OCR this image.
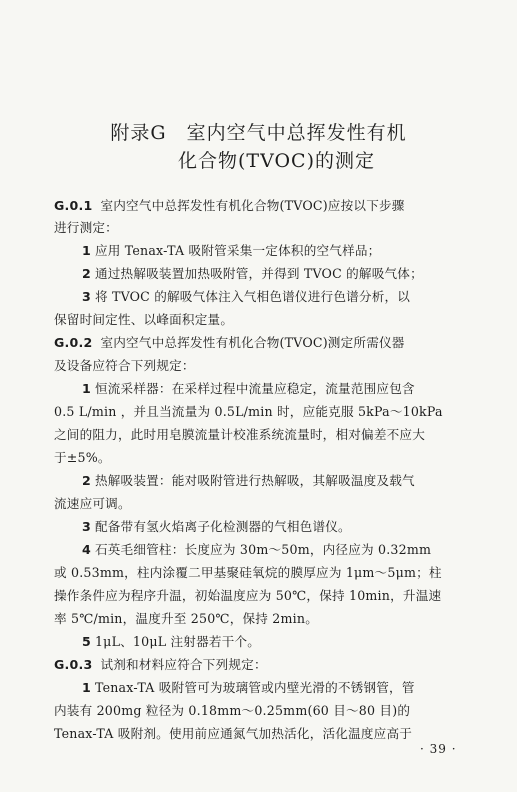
附录G　室内空气中总挥发性有机
化合物(TVOC)的测定
G.0.1 室内空气中总挥发性有机化合物(TVOC)应按以下步骤
进行测定：
1 应用 Tenax-TA 吸附管采集一定体积的空气样品；
2 通过热解吸装置加热吸附管，并得到 TVOC 的解吸气体；
3 将 TVOC 的解吸气体注入气相色谱仪进行色谱分析，以
保留时间定性、以峰面积定量。
G.0.2 室内空气中总挥发性有机化合物(TVOC)测定所需仪器
及设备应符合下列规定：
1 恒流采样器：在采样过程中流量应稳定，流量范围应包含
0.5 L/min ，并且当流量为 0.5L/min 时，应能克服 5kPa～10kPa
之间的阻力，此时用皂膜流量计校准系统流量时，相对偏差不应大
于±5%。
2 热解吸装置：能对吸附管进行热解吸，其解吸温度及载气
流速应可调。
3 配备带有氢火焰离子化检测器的气相色谱仪。
4 石英毛细管柱：长度应为 30m～50m，内径应为 0.32mm
或 0.53mm，柱内涂覆二甲基聚硅氧烷的膜厚应为 1μm～5μm；柱
操作条件应为程序升温，初始温度应为 50℃，保持 10min，升温速
率 5℃/min，温度升至 250℃，保持 2min。
5 1μL、10μL 注射器若干个。
G.0.3 试剂和材料应符合下列规定：
1 Tenax-TA 吸附管可为玻璃管或内壁光滑的不锈钢管，管
内装有 200mg 粒径为 0.18mm～0.25mm(60 目～80 目)的
Tenax-TA 吸附剂。使用前应通氮气加热活化，活化温度应高于
· 39 ·
